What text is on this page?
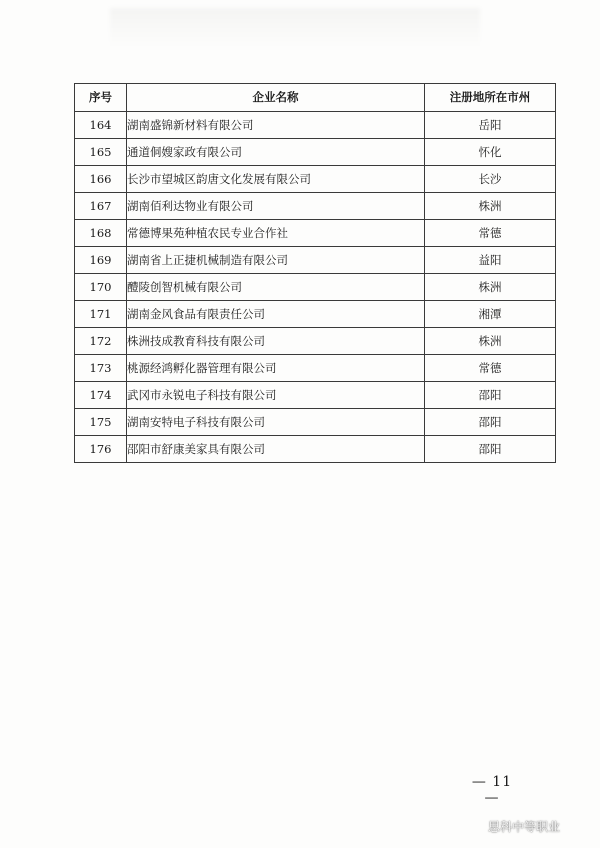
序号	企业名称	注册地所在市州
164	湖南盛锦新材料有限公司	岳阳
165	通道侗嫂家政有限公司	怀化
166	长沙市望城区韵唐文化发展有限公司	长沙
167	湖南佰利达物业有限公司	株洲
168	常德博果苑种植农民专业合作社	常德
169	湖南省上正捷机械制造有限公司	益阳
170	醴陵创智机械有限公司	株洲
171	湖南金风食品有限责任公司	湘潭
172	株洲技成教育科技有限公司	株洲
173	桃源经鸿孵化器管理有限公司	常德
174	武冈市永锐电子科技有限公司	邵阳
175	湖南安特电子科技有限公司	邵阳
176	邵阳市舒康美家具有限公司	邵阳
— 11 —
思科中等职业
